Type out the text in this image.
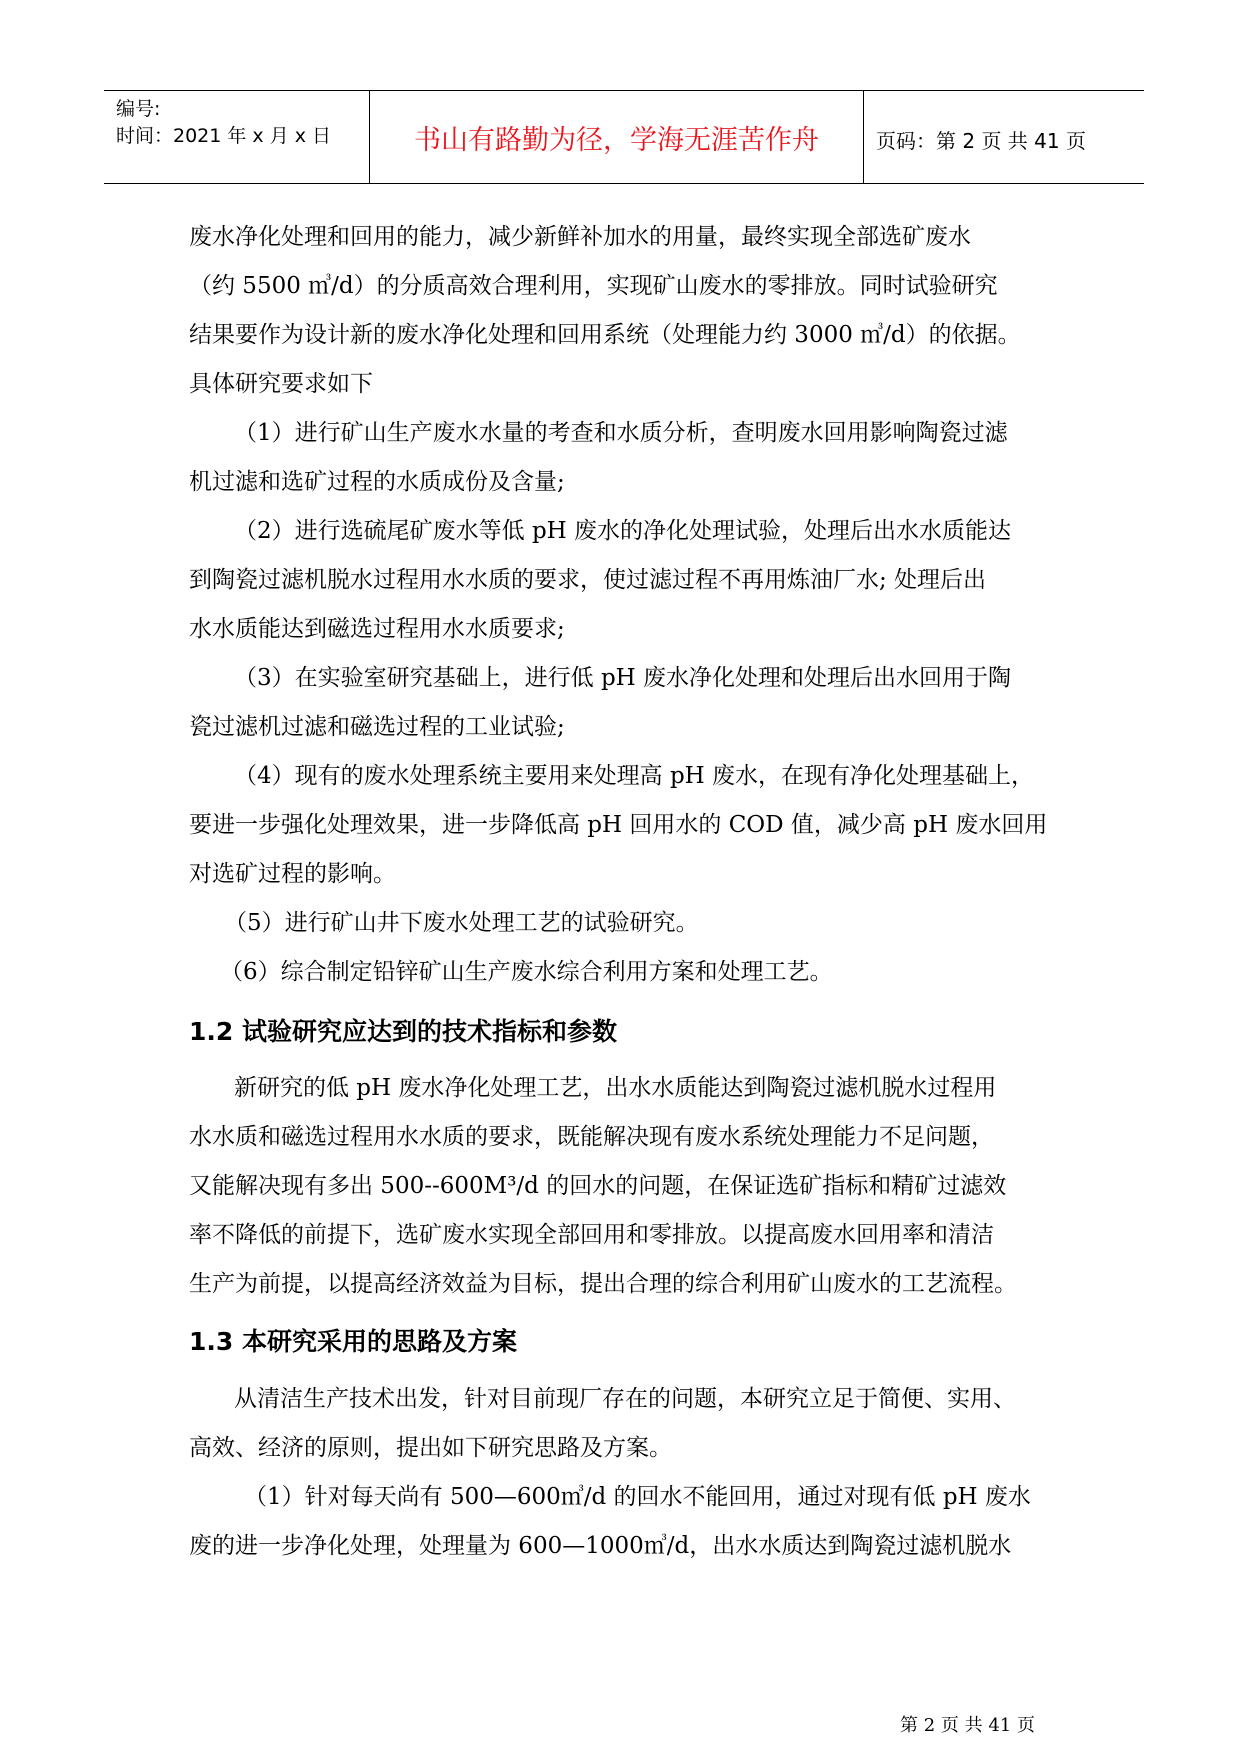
编号:
时间：2021 年 x 月 x 日	书山有路勤为径，学海无涯苦作舟	页码：第 2 页 共 41 页
废水净化处理和回用的能力，减少新鲜补加水的用量，最终实现全部选矿废水
（约 5500 ㎥/d）的分质高效合理利用，实现矿山废水的零排放。同时试验研究
结果要作为设计新的废水净化处理和回用系统（处理能力约 3000 ㎥/d）的依据。
具体研究要求如下
（1）进行矿山生产废水水量的考查和水质分析，查明废水回用影响陶瓷过滤
机过滤和选矿过程的水质成份及含量;
（2）进行选硫尾矿废水等低 pH 废水的净化处理试验，处理后出水水质能达
到陶瓷过滤机脱水过程用水水质的要求，使过滤过程不再用炼油厂水; 处理后出
水水质能达到磁选过程用水水质要求;
（3）在实验室研究基础上，进行低 pH 废水净化处理和处理后出水回用于陶
瓷过滤机过滤和磁选过程的工业试验;
（4）现有的废水处理系统主要用来处理高 pH 废水，在现有净化处理基础上，
要进一步强化处理效果，进一步降低高 pH 回用水的 COD 值，减少高 pH 废水回用
对选矿过程的影响。
（5）进行矿山井下废水处理工艺的试验研究。
（6）综合制定铅锌矿山生产废水综合利用方案和处理工艺。
1.2 试验研究应达到的技术指标和参数
新研究的低 pH 废水净化处理工艺，出水水质能达到陶瓷过滤机脱水过程用
水水质和磁选过程用水水质的要求，既能解决现有废水系统处理能力不足问题，
又能解决现有多出 500--600M³/d 的回水的问题，在保证选矿指标和精矿过滤效
率不降低的前提下，选矿废水实现全部回用和零排放。以提高废水回用率和清洁
生产为前提，以提高经济效益为目标，提出合理的综合利用矿山废水的工艺流程。
1.3 本研究采用的思路及方案
从清洁生产技术出发，针对目前现厂存在的问题，本研究立足于简便、实用、
高效、经济的原则，提出如下研究思路及方案。
（1）针对每天尚有 500—600㎥/d 的回水不能回用，通过对现有低 pH 废水
废的进一步净化处理，处理量为 600—1000㎥/d，出水水质达到陶瓷过滤机脱水
第 2 页 共 41 页
